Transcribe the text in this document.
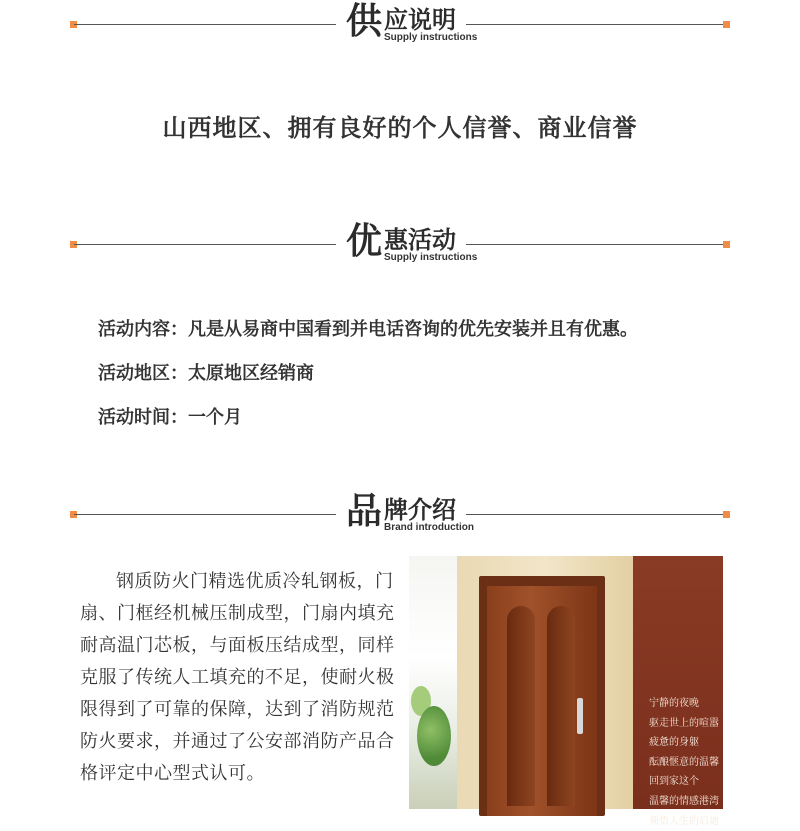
供 应说明
Supply instructions
山西地区、拥有良好的个人信誉、商业信誉
优 惠活动
Supply instructions
活动内容：凡是从易商中国看到并电话咨询的优先安装并且有优惠。
活动地区：太原地区经销商
活动时间：一个月
品 牌介绍
Brand introduction
钢质防火门精选优质冷轧钢板，门扇、门框经机械压制成型，门扇内填充耐高温门芯板，与面板压结成型，同样克服了传统人工填充的不足，使耐火极限得到了可靠的保障，达到了消防规范防火要求，并通过了公安部消防产品合格评定中心型式认可。
宁静的夜晚
驱走世上的喧嚣
疲惫的身躯
酝酿惬意的温馨
回到家这个
温馨的情感港湾
领悟人生的启迪
